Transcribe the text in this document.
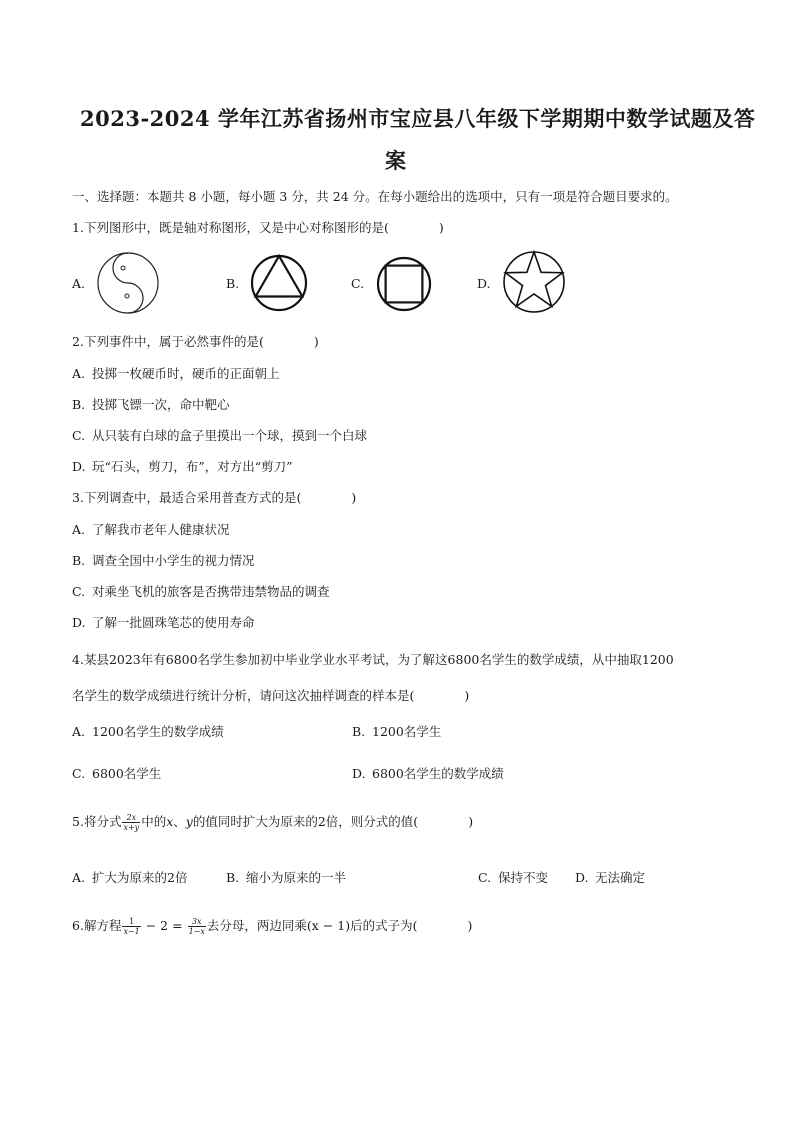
2023-2024 学年江苏省扬州市宝应县八年级下学期期中数学试题及答
案
一、选择题：本题共 8 小题，每小题 3 分，共 24 分。在每小题给出的选项中，只有一项是符合题目要求的。
1.下列图形中，既是轴对称图形，又是中心对称图形的是(	)
A.	B.	C.	D.
2.下列事件中，属于必然事件的是(	)
A. 投掷一枚硬币时，硬币的正面朝上
B. 投掷飞镖一次，命中靶心
C. 从只装有白球的盒子里摸出一个球，摸到一个白球
D. 玩“石头，剪刀，布”，对方出“剪刀”
3.下列调查中，最适合采用普查方式的是(	)
A. 了解我市老年人健康状况
B. 调查全国中小学生的视力情况
C. 对乘坐飞机的旅客是否携带违禁物品的调查
D. 了解一批圆珠笔芯的使用寿命
4.某县2023年有6800名学生参加初中毕业学业水平考试，为了解这6800名学生的数学成绩，从中抽取1200
名学生的数学成绩进行统计分析，请问这次抽样调查的样本是(	)
A. 1200名学生的数学成绩	B. 1200名学生
C. 6800名学生	D. 6800名学生的数学成绩
5.将分式 $\frac{2x}{x+y}$ 中的x、y的值同时扩大为原来的2倍，则分式的值(	)
A. 扩大为原来的2倍	B. 缩小为原来的一半	C. 保持不变 D. 无法确定
6.解方程 $\frac{1}{x-1} - 2 = \frac{3x}{1-x}$ 去分母，两边同乘(x − 1)后的式子为(	)
